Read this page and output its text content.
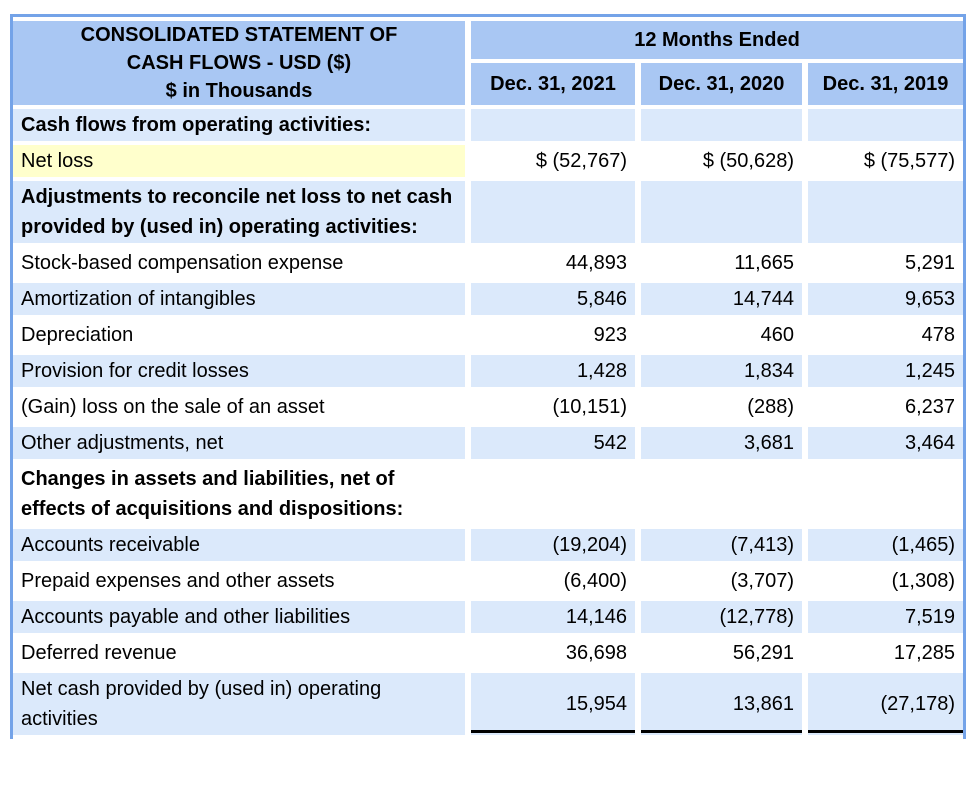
CONSOLIDATED STATEMENT OF
CASH FLOWS - USD ($)
$ in Thousands	12 Months Ended		
	Dec. 31, 2021	Dec. 31, 2020	Dec. 31, 2019
Cash flows from operating activities:			
Net loss	$ (52,767)	$ (50,628)	$ (75,577)
Adjustments to reconcile net loss to net cash provided by (used in) operating activities:			
Stock-based compensation expense	44,893	11,665	5,291
Amortization of intangibles	5,846	14,744	9,653
Depreciation	923	460	478
Provision for credit losses	1,428	1,834	1,245
(Gain) loss on the sale of an asset	(10,151)	(288)	6,237
Other adjustments, net	542	3,681	3,464
Changes in assets and liabilities, net of effects of acquisitions and dispositions:			
Accounts receivable	(19,204)	(7,413)	(1,465)
Prepaid expenses and other assets	(6,400)	(3,707)	(1,308)
Accounts payable and other liabilities	14,146	(12,778)	7,519
Deferred revenue	36,698	56,291	17,285
Net cash provided by (used in) operating activities	15,954	13,861	(27,178)
